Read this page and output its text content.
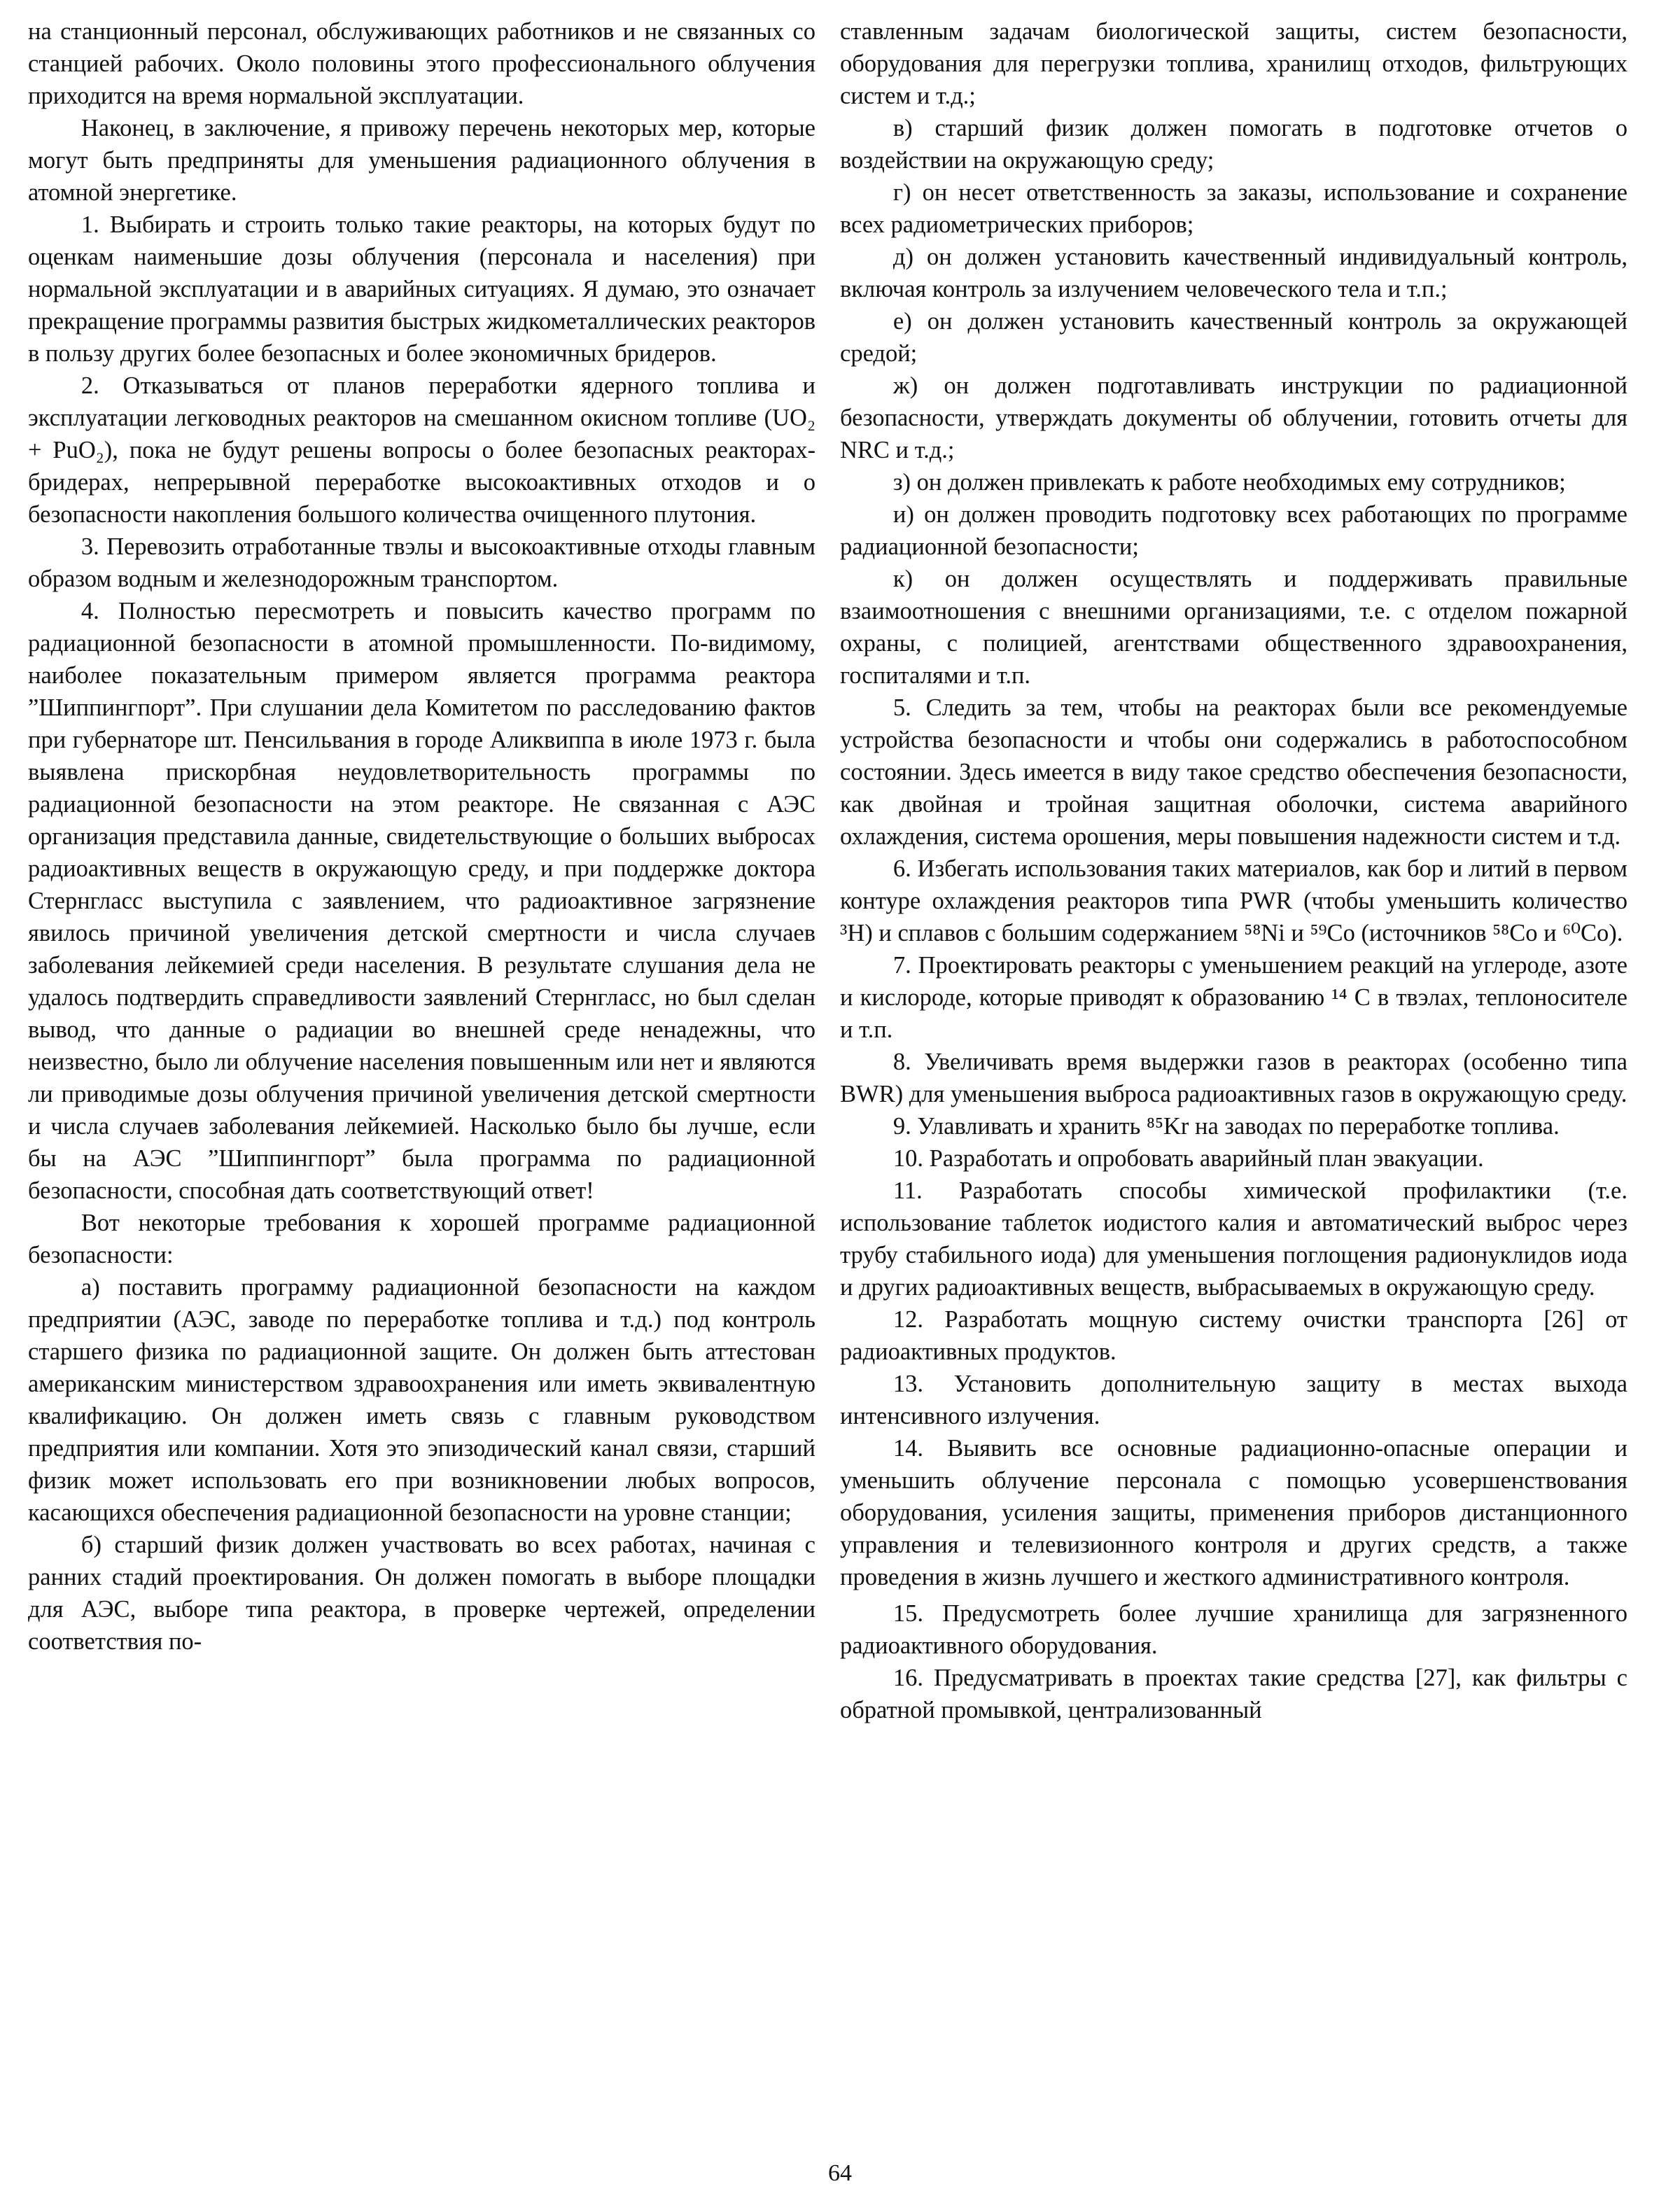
на станционный персонал, обслуживающих работников и не связанных со станцией рабочих. Около половины этого профессионального облучения приходится на время нормальной эксплуатации.

Наконец, в заключение, я привожу перечень некоторых мер, которые могут быть предприняты для уменьшения радиационного облучения в атомной энергетике.

1. Выбирать и строить только такие реакторы, на которых будут по оценкам наименьшие дозы облучения (персонала и населения) при нормальной эксплуатации и в аварийных ситуациях. Я думаю, это означает прекращение программы развития быстрых жидкометаллических реакторов в пользу других более безопасных и более экономичных бридеров.

2. Отказываться от планов переработки ядерного топлива и эксплуатации легководных реакторов на смешанном окисном топливе (UO₂ + PuO₂), пока не будут решены вопросы о более безопасных реакторах-бридерах, непрерывной переработке высокоактивных отходов и о безопасности накопления большого количества очищенного плутония.

3. Перевозить отработанные твэлы и высокоактивные отходы главным образом водным и железнодорожным транспортом.

4. Полностью пересмотреть и повысить качество программ по радиационной безопасности в атомной промышленности. По-видимому, наиболее показательным примером является программа реактора ”Шиппингпорт”. При слушании дела Комитетом по расследованию фактов при губернаторе шт. Пенсильвания в городе Аликвиппа в июле 1973 г. была выявлена прискорбная неудовлетворительность программы по радиационной безопасности на этом реакторе. Не связанная с АЭС организация представила данные, свидетельствующие о больших выбросах радиоактивных веществ в окружающую среду, и при поддержке доктора Стернгласс выступила с заявлением, что радиоактивное загрязнение явилось причиной увеличения детской смертности и числа случаев заболевания лейкемией среди населения. В результате слушания дела не удалось подтвердить справедливости заявлений Стернгласс, но был сделан вывод, что данные о радиации во внешней среде ненадежны, что неизвестно, было ли облучение населения повышенным или нет и являются ли приводимые дозы облучения причиной увеличения детской смертности и числа случаев заболевания лейкемией. Насколько было бы лучше, если бы на АЭС ”Шиппингпорт” была программа по радиационной безопасности, способная дать соответствующий ответ!

Вот некоторые требования к хорошей программе радиационной безопасности:

а) поставить программу радиационной безопасности на каждом предприятии (АЭС, заводе по переработке топлива и т.д.) под контроль старшего физика по радиационной защите. Он должен быть аттестован американским министерством здравоохранения или иметь эквивалентную квалификацию. Он должен иметь связь с главным руководством предприятия или компании. Хотя это эпизодический канал связи, старший физик может использовать его при возникновении любых вопросов, касающихся обеспечения радиационной безопасности на уровне станции;

б) старший физик должен участвовать во всех работах, начиная с ранних стадий проектирования. Он должен помогать в выборе площадки для АЭС, выборе типа реактора, в проверке чертежей, определении соответствия по-

ставленным задачам биологической защиты, систем безопасности, оборудования для перегрузки топлива, хранилищ отходов, фильтрующих систем и т.д.;

в) старший физик должен помогать в подготовке отчетов о воздействии на окружающую среду;

г) он несет ответственность за заказы, использование и сохранение всех радиометрических приборов;

д) он должен установить качественный индивидуальный контроль, включая контроль за излучением человеческого тела и т.п.;

е) он должен установить качественный контроль за окружающей средой;

ж) он должен подготавливать инструкции по радиационной безопасности, утверждать документы об облучении, готовить отчеты для NRC и т.д.;

з) он должен привлекать к работе необходимых ему сотрудников;

и) он должен проводить подготовку всех работающих по программе радиационной безопасности;

к) он должен осуществлять и поддерживать правильные взаимоотношения с внешними организациями, т.е. с отделом пожарной охраны, с полицией, агентствами общественного здравоохранения, госпиталями и т.п.

5. Следить за тем, чтобы на реакторах были все рекомендуемые устройства безопасности и чтобы они содержались в работоспособном состоянии. Здесь имеется в виду такое средство обеспечения безопасности, как двойная и тройная защитная оболочки, система аварийного охлаждения, система орошения, меры повышения надежности систем и т.д.

6. Избегать использования таких материалов, как бор и литий в первом контуре охлаждения реакторов типа PWR (чтобы уменьшить количество ³H) и сплавов с большим содержанием ⁵⁸Ni и ⁵⁹Co (источников ⁵⁸Co и ⁶⁰Co).

7. Проектировать реакторы с уменьшением реакций на углероде, азоте и кислороде, которые приводят к образованию ¹⁴ C в твэлах, теплоносителе и т.п.

8. Увеличивать время выдержки газов в реакторах (особенно типа BWR) для уменьшения выброса радиоактивных газов в окружающую среду.

9. Улавливать и хранить ⁸⁵Kr на заводах по переработке топлива.

10. Разработать и опробовать аварийный план эвакуации.

11. Разработать способы химической профилактики (т.е. использование таблеток иодистого калия и автоматический выброс через трубу стабильного иода) для уменьшения поглощения радионуклидов иода и других радиоактивных веществ, выбрасываемых в окружающую среду.

12. Разработать мощную систему очистки транспорта [26] от радиоактивных продуктов.

13. Установить дополнительную защиту в местах выхода интенсивного излучения.

14. Выявить все основные радиационно-опасные операции и уменьшить облучение персонала с помощью усовершенствования оборудования, усиления защиты, применения приборов дистанционного управления и телевизионного контроля и других средств, а также проведения в жизнь лучшего и жесткого административного контроля.

15. Предусмотреть более лучшие хранилища для загрязненного радиоактивного оборудования.

16. Предусматривать в проектах такие средства [27], как фильтры с обратной промывкой, централизованный

64
